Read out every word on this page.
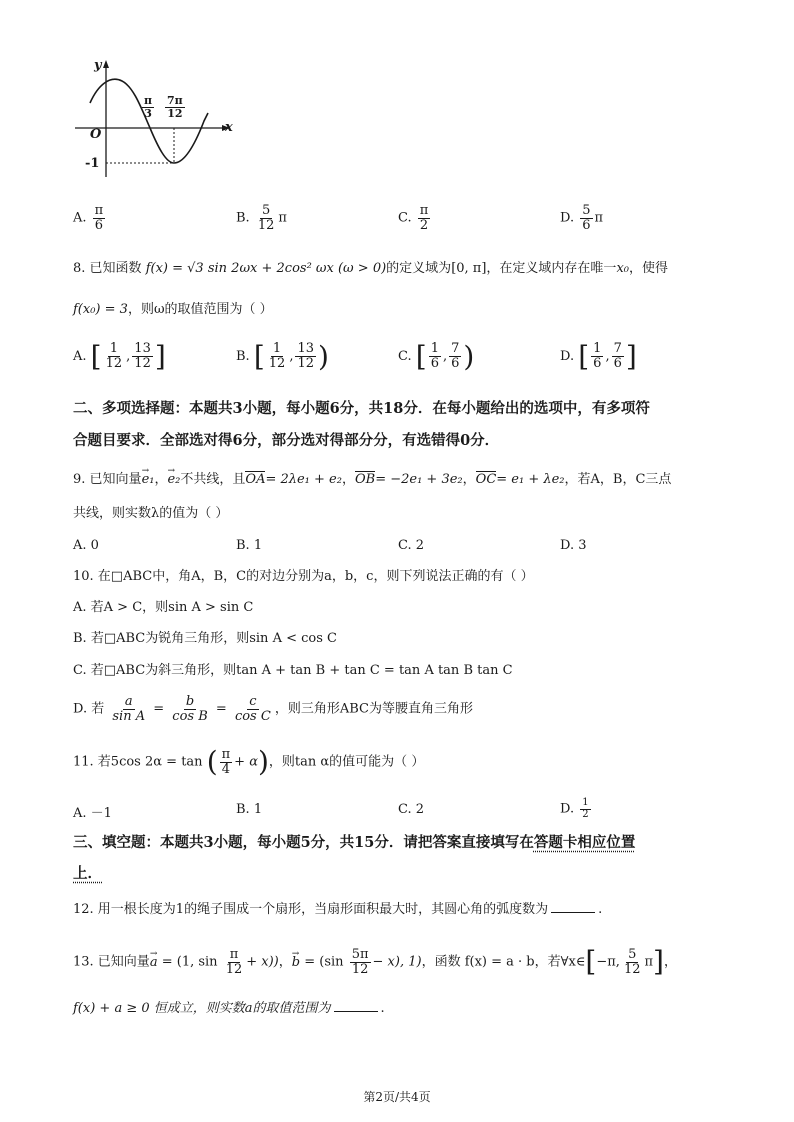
y
x
O
-1
$\frac{\pi}{3} \frac{7\pi}{12}$
A. $\frac{\pi}{6}$	B. $\frac{5}{12}$ π	C. $\frac{\pi}{2}$	D. $\frac{5}{6}$ π
8. 已知函数 f(x) = √3 sin 2ωx + 2cos² ωx (ω > 0)的定义域为[0, π]，在定义域内存在唯一x₀，使得
f(x₀) = 3，则ω的取值范围为（ ）
A. [ $\frac{1}{12}$ , $\frac{13}{12}$ ]	B. [ $\frac{1}{12}$ , $\frac{13}{12}$ )	C. [ $\frac{1}{6}$ , $\frac{7}{6}$ )	D. [ $\frac{1}{6}$ , $\frac{7}{6}$ ]
二、多项选择题：本题共3小题，每小题6分，共18分．在每小题给出的选项中，有多项符
合题目要求．全部选对得6分，部分选对得部分分，有选错得0分．
9. 已知向量→ e₁，→ e₂不共线，且OA= 2λe₁ + e₂，OB= −2e₁ + 3e₂，OC= e₁ + λe₂，若A，B，C三点
共线，则实数λ的值为（ ）
A. 0	B. 1	C. 2	D. 3
10. 在□ABC中，角A，B，C的对边分别为a，b，c，则下列说法正确的有（ ）
A. 若A > C，则sin A > sin C
B. 若□ABC为锐角三角形，则sin A < cos C
C. 若□ABC为斜三角形，则tan A + tan B + tan C = tan A tan B tan C
D. 若 $\frac{a}{\text{sin A}} = \frac{b}{\text{cos B}} = \frac{c}{\text{cos C}}$ ，则三角形ABC为等腰直角三角形
11. 若5cos 2α = tan ( $\frac{\pi}{4} + \alpha$)，则tan α的值可能为（ ）
A. －1	B. 1	C. 2	D. $\frac{1}{2}$
三、填空题：本题共3小题，每小题5分，共15分．请把答案直接填写在答题卡相应位置
上．
12. 用一根长度为1的绳子围成一个扇形，当扇形面积最大时，其圆心角的弧度数为	.
13. 已知向量→ a = (1, $\sin \frac{\pi}{12} + x$))，→ $b = (\sin \frac{5\pi}{12} - x)$, 1)，函数 f(x) = a · b，若∀x∈[−π, $\frac{5}{12} \pi$]，
f(x) + a ≥ 0 恒成立，则实数a的取值范围为	.
第2页/共4页
